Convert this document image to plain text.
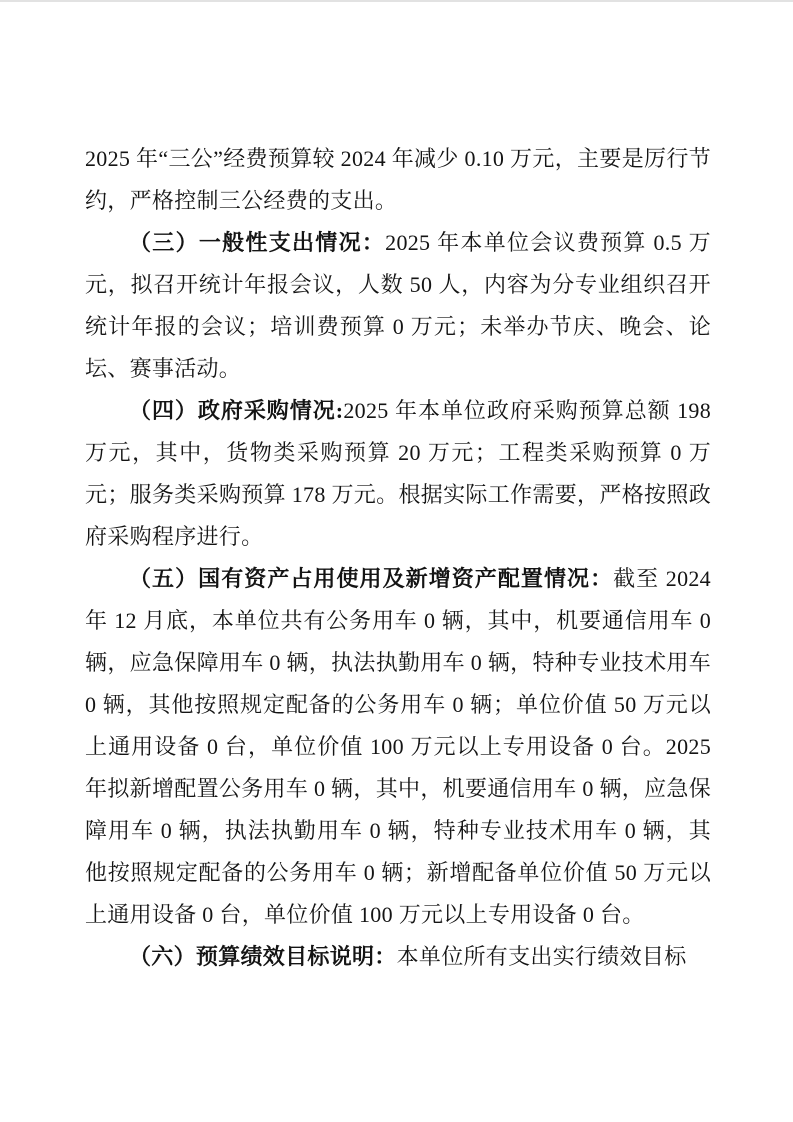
2025 年“三公”经费预算较 2024 年减少 0.10 万元，主要是厉行节约，严格控制三公经费的支出。

（三）一般性支出情况：2025 年本单位会议费预算 0.5 万元，拟召开统计年报会议，人数 50 人，内容为分专业组织召开统计年报的会议；培训费预算 0 万元；未举办节庆、晚会、论坛、赛事活动。

（四）政府采购情况:2025 年本单位政府采购预算总额 198 万元，其中，货物类采购预算 20 万元；工程类采购预算 0 万元；服务类采购预算 178 万元。根据实际工作需要，严格按照政府采购程序进行。

（五）国有资产占用使用及新增资产配置情况：截至 2024 年 12 月底，本单位共有公务用车 0 辆，其中，机要通信用车 0 辆，应急保障用车 0 辆，执法执勤用车 0 辆，特种专业技术用车 0 辆，其他按照规定配备的公务用车 0 辆；单位价值 50 万元以上通用设备 0 台，单位价值 100 万元以上专用设备 0 台。2025 年拟新增配置公务用车 0 辆，其中，机要通信用车 0 辆，应急保障用车 0 辆，执法执勤用车 0 辆，特种专业技术用车 0 辆，其他按照规定配备的公务用车 0 辆；新增配备单位价值 50 万元以上通用设备 0 台，单位价值 100 万元以上专用设备 0 台。

（六）预算绩效目标说明：本单位所有支出实行绩效目标
